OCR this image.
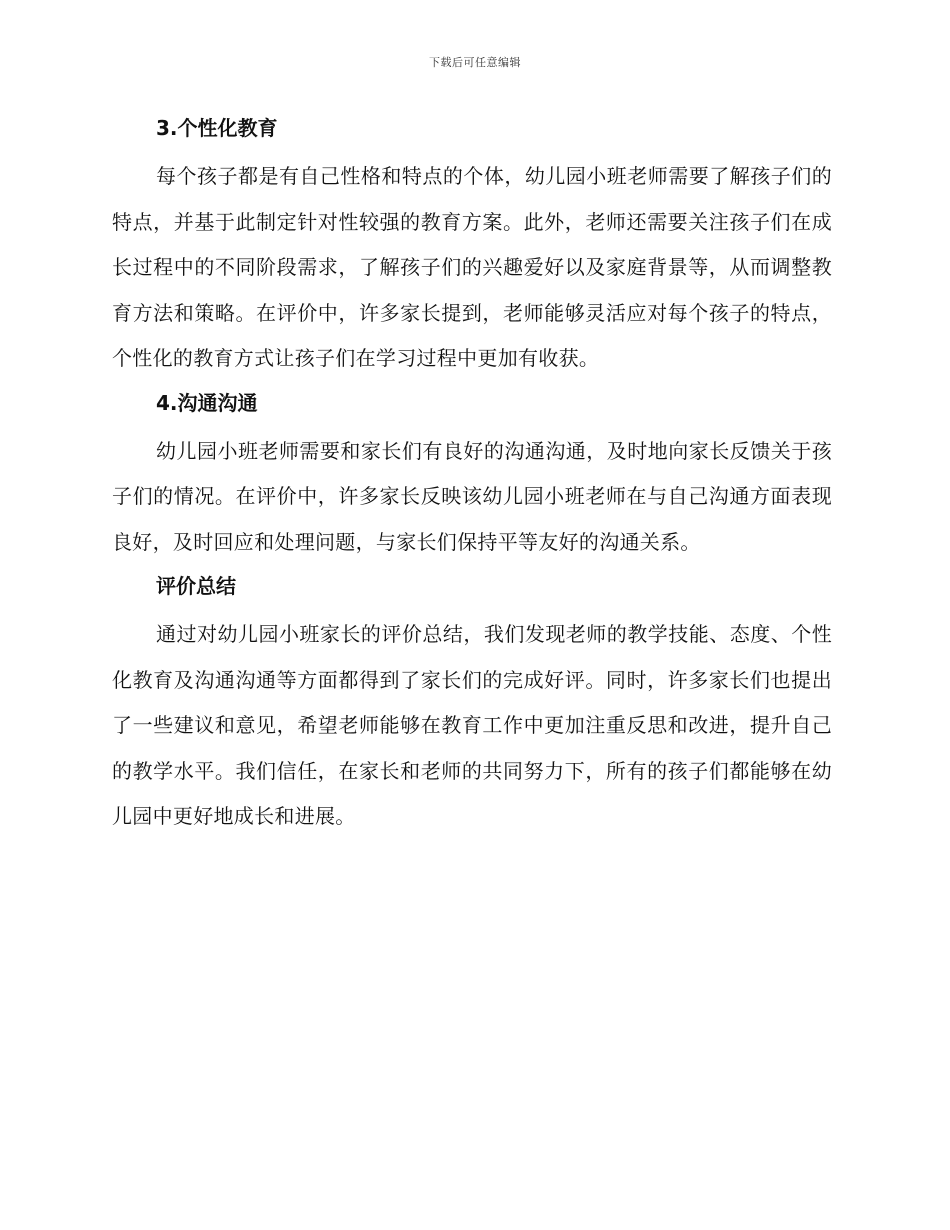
下载后可任意编辑
3.个性化教育

每个孩子都是有自己性格和特点的个体，幼儿园小班老师需要了解孩子们的特点，并基于此制定针对性较强的教育方案。此外，老师还需要关注孩子们在成长过程中的不同阶段需求，了解孩子们的兴趣爱好以及家庭背景等，从而调整教育方法和策略。在评价中，许多家长提到，老师能够灵活应对每个孩子的特点，个性化的教育方式让孩子们在学习过程中更加有收获。

4.沟通沟通

幼儿园小班老师需要和家长们有良好的沟通沟通，及时地向家长反馈关于孩子们的情况。在评价中，许多家长反映该幼儿园小班老师在与自己沟通方面表现良好，及时回应和处理问题，与家长们保持平等友好的沟通关系。

评价总结

通过对幼儿园小班家长的评价总结，我们发现老师的教学技能、态度、个性化教育及沟通沟通等方面都得到了家长们的完成好评。同时，许多家长们也提出了一些建议和意见，希望老师能够在教育工作中更加注重反思和改进，提升自己的教学水平。我们信任，在家长和老师的共同努力下，所有的孩子们都能够在幼儿园中更好地成长和进展。
